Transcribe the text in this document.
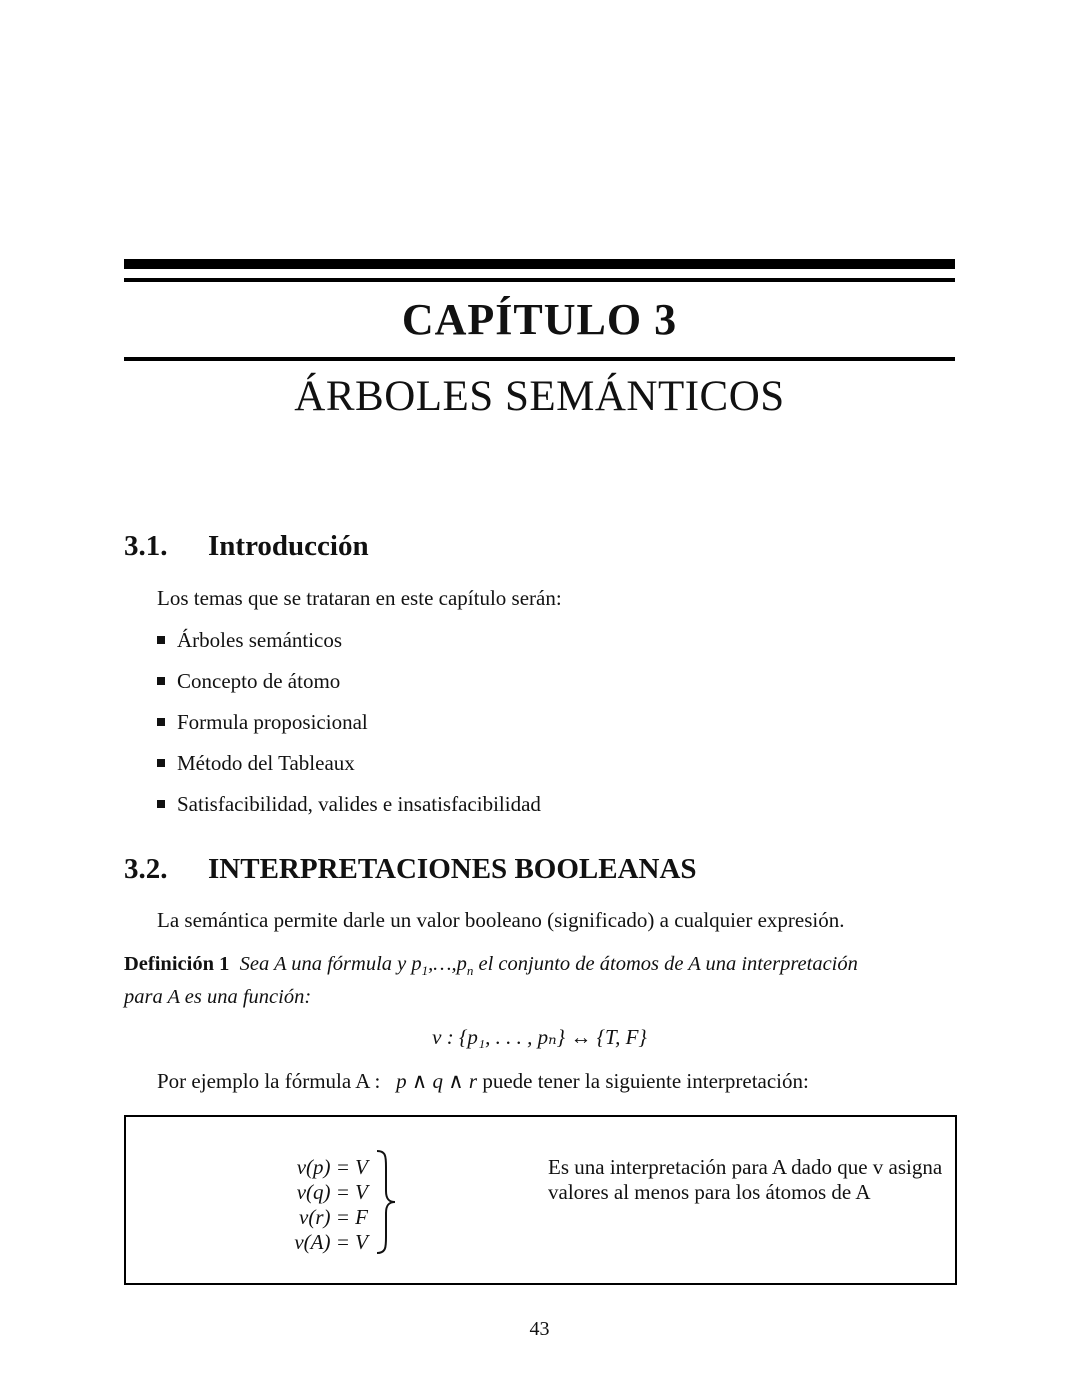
CAPÍTULO 3
ÁRBOLES SEMÁNTICOS
3.1. Introducción
Los temas que se trataran en este capítulo serán:
Árboles semánticos
Concepto de átomo
Formula proposicional
Método del Tableaux
Satisfacibilidad, valides e insatisfacibilidad
3.2. INTERPRETACIONES BOOLEANAS
La semántica permite darle un valor booleano (significado) a cualquier expresión.
Definición 1 Sea A una fórmula y $p_1,\dots,p_n$ el conjunto de átomos de A una interpretación
para A es una función:
v : {p₁, . . . , pₙ} ↔ {T, F}
Por ejemplo la fórmula A : p ∧ q ∧ r puede tener la siguiente interpretación:
v(p) = V
v(q) = V
v(r) = F
v(A) = V
Es una interpretación para A dado que v asigna valores al menos para los átomos de A
43
